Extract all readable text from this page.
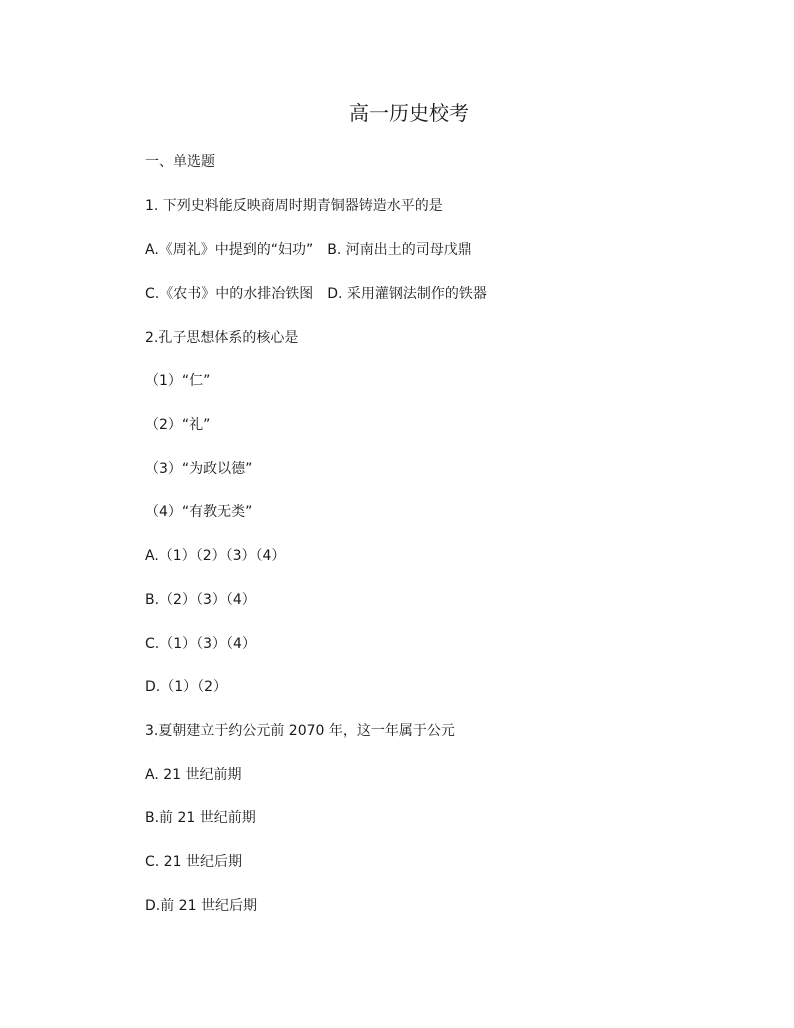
高一历史校考
一、单选题
1. 下列史料能反映商周时期青铜器铸造水平的是
A.《周礼》中提到的“妇功” B. 河南出土的司母戊鼎
C.《农书》中的水排冶铁图 D. 采用灌钢法制作的铁器
2.孔子思想体系的核心是
（1）“仁”
（2）“礼”
（3）“为政以德”
（4）“有教无类”
A.（1）（2）（3）（4）
B.（2）（3）（4）
C.（1）（3）（4）
D.（1）（2）
3.夏朝建立于约公元前 2070 年，这一年属于公元
A. 21 世纪前期
B.前 21 世纪前期
C. 21 世纪后期
D.前 21 世纪后期
